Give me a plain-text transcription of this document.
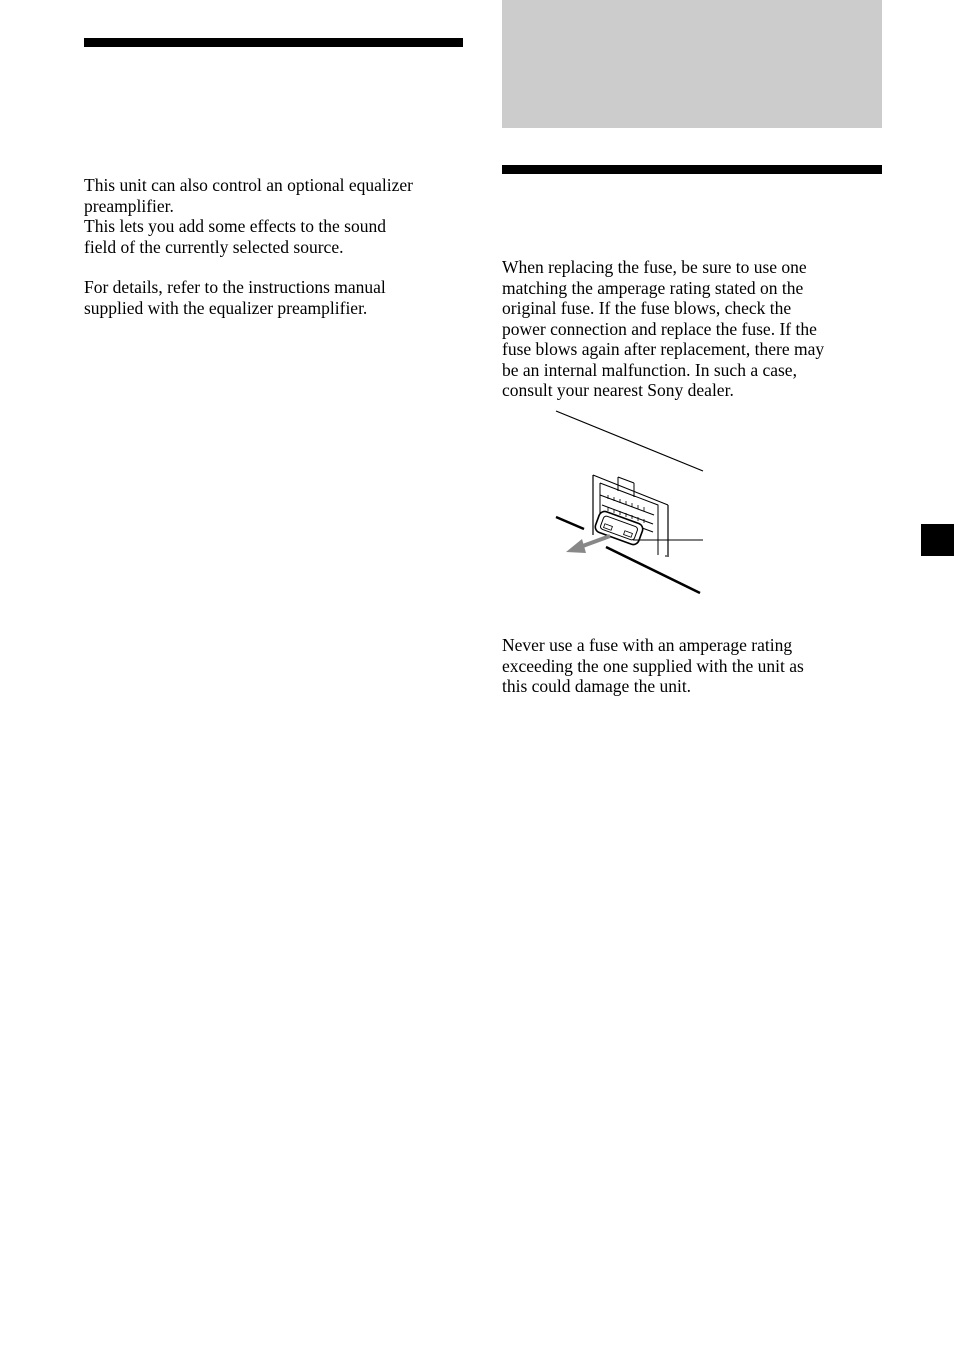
This unit can also control an optional equalizer
preamplifier.
This lets you add some effects to the sound
field of the currently selected source.

For details, refer to the instructions manual
supplied with the equalizer preamplifier.

When replacing the fuse, be sure to use one
matching the amperage rating stated on the
original fuse. If the fuse blows, check the
power connection and replace the fuse. If the
fuse blows again after replacement, there may
be an internal malfunction. In such a case,
consult your nearest Sony dealer.

Never use a fuse with an amperage rating
exceeding the one supplied with the unit as
this could damage the unit.
